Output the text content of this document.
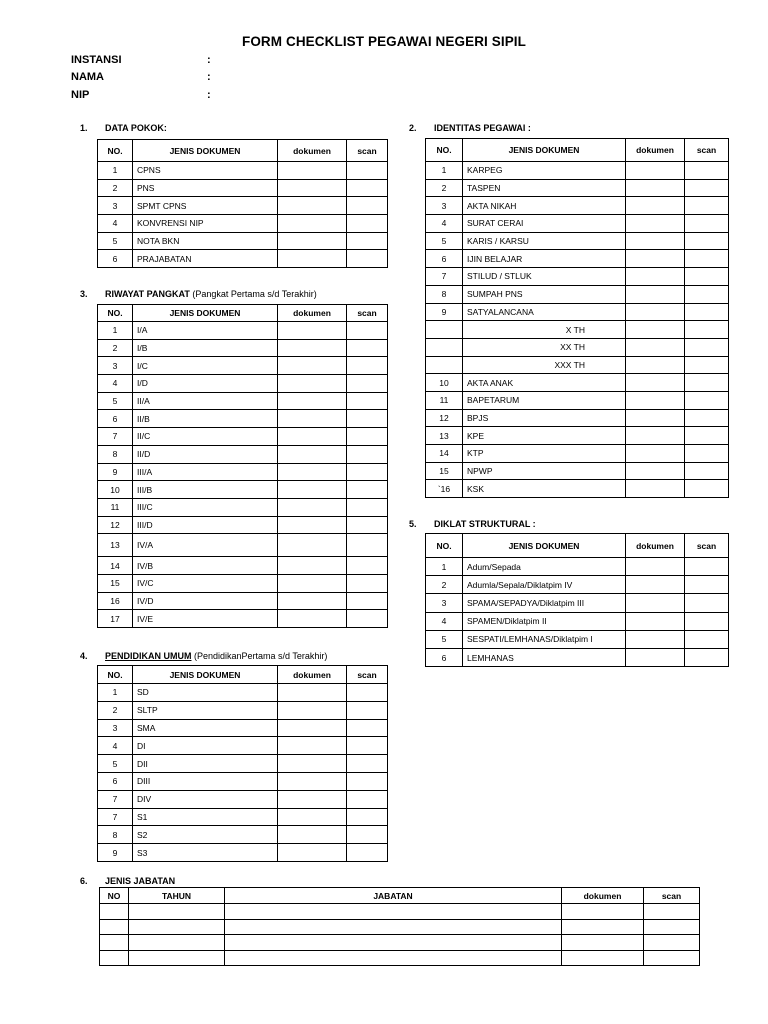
FORM CHECKLIST PEGAWAI NEGERI SIPIL
INSTANSI	:
NAMA	:
NIP	:
1. DATA POKOK:	2. IDENTITAS PEGAWAI :
3. RIWAYAT PANGKAT (Pangkat Pertama s/d Terakhir)
5. DIKLAT STRUKTURAL :
4. PENDIDIKAN UMUM (PendidikanPertama s/d Terakhir)
6. JENIS JABATAN
NO.	JENIS DOKUMEN	dokumen	scan
1	CPNS		
2	PNS		
3	SPMT CPNS		
4	KONVRENSI NIP		
5	NOTA BKN		
6	PRAJABATAN		
NO.	JENIS DOKUMEN	dokumen	scan
1	KARPEG		
2	TASPEN		
3	AKTA NIKAH		
4	SURAT CERAI		
5	KARIS / KARSU		
6	IJIN BELAJAR		
7	STILUD / STLUK		
8	SUMPAH PNS		
9	SATYALANCANA		
	X TH		
	XX TH		
	XXX TH		
10	AKTA ANAK		
11	BAPETARUM		
12	BPJS		
13	KPE		
14	KTP		
15	NPWP		
`16	KSK		
NO.	JENIS DOKUMEN	dokumen	scan
1	I/A		
2	I/B		
3	I/C		
4	I/D		
5	II/A		
6	II/B		
7	II/C		
8	II/D		
9	III/A		
10	III/B		
11	III/C		
12	III/D		
13	IV/A		
14	IV/B		
15	IV/C		
16	IV/D		
17	IV/E		
NO.	JENIS DOKUMEN	dokumen	scan
1	Adum/Sepada		
2	Adumla/Sepala/Diklatpim IV		
3	SPAMA/SEPADYA/Diklatpim III		
4	SPAMEN/Diklatpim II		
5	SESPATI/LEMHANAS/Diklatpim I		
6	LEMHANAS		
NO.	JENIS DOKUMEN	dokumen	scan
1	SD		
2	SLTP		
3	SMA		
4	DI		
5	DII		
6	DIII		
7	DIV		
7	S1		
8	S2		
9	S3		
NO	TAHUN	JABATAN	dokumen	scan
